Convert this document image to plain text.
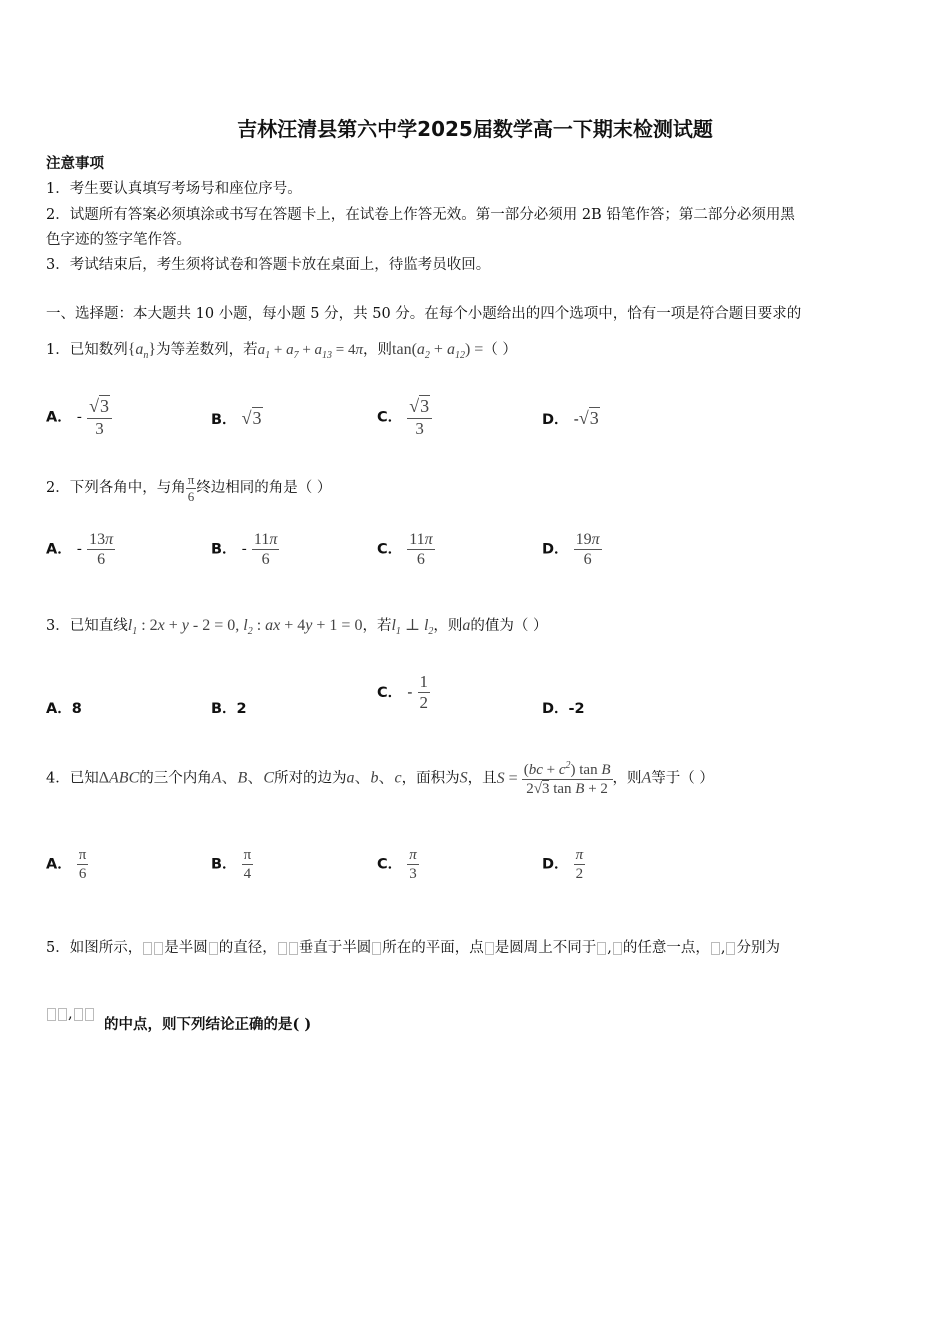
吉林汪清县第六中学2025届数学高一下期末检测试题
注意事项
1．考生要认真填写考场号和座位序号。
2．试题所有答案必须填涂或书写在答题卡上，在试卷上作答无效。第一部分必须用 2B 铅笔作答；第二部分必须用黑
色字迹的签字笔作答。
3．考试结束后，考生须将试卷和答题卡放在桌面上，待监考员收回。
一、选择题：本大题共 10 小题，每小题 5 分，共 50 分。在每个小题给出的四个选项中，恰有一项是符合题目要求的
1．已知数列$\{a_n\}$为等差数列，若$a_1 + a_7 + a_{13} = 4\pi$，则$\tan(a_2 + a_{12})$ =（ ）
A． - $\frac{√3}{3}$	B． √3	C． $\frac{√3}{3}$	D． -√3
2．下列各角中，与角 $\frac{\pi}{6}$ 终边相同的角是（ ）
A． - $\frac{13\pi}{6}$	B． - $\frac{11\pi}{6}$	C． $\frac{11\pi}{6}$	D． $\frac{19\pi}{6}$
3．已知直线$l_1$ : 2x + y - 2 = 0, $l_2$ : ax + 4y + 1 = 0，若$l_1$ ⊥ $l_2$，则a的值为（ ）
A．8	B．2
C． - $\frac{1}{2}$	D．-2
4．已知ΔABC的三个内角A、B、C所对的边为a、b、c，面积为S，且$S = \frac{(bc + c^2) \tan B}{\text{2√3 tan B + 2}}$ ，则A等于（ ）
A． $\frac{\pi}{6}$	B． $\frac{\pi}{4}$	C． $\frac{\pi}{3}$	D． $\frac{\pi}{2}$
5．如图所示， 是半圆 的直径， 垂直于半圆 所在的平面，点 是圆周上不同于 , 的任意一点， , 分别为
,
的中点，则下列结论正确的是( )
